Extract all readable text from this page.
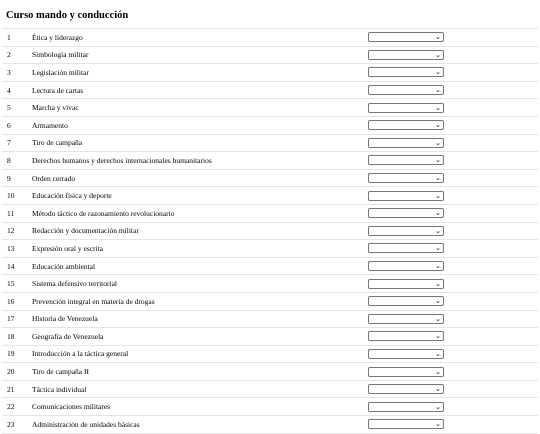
Curso mando y conducción
1	Ética y liderazgo	⌄

2	Simbología militar	⌄

3	Legislación militar	⌄

4	Lectura de cartas	⌄

5	Marcha y vivac	⌄

6	Armamento	⌄

7	Tiro de campaña	⌄

8	Derechos humanos y derechos internacionales humanitarios	⌄

9	Orden cerrado	⌄

10	Educación física y deporte	⌄

11	Método táctico de razonamiento revolucionario	⌄

12	Redacción y documentación militar	⌄

13	Expresión oral y escrita	⌄

14	Educación ambiental	⌄

15	Sistema defensivo territorial	⌄

16	Prevención integral en materia de drogas	⌄

17	Historia de Venezuela	⌄

18	Geografía de Venezuela	⌄

19	Introducción a la táctica general	⌄

20	Tiro de campaña II	⌄

21	Táctica individual	⌄

22	Comunicaciones militares	⌄

23	Administración de unidades básicas	⌄
